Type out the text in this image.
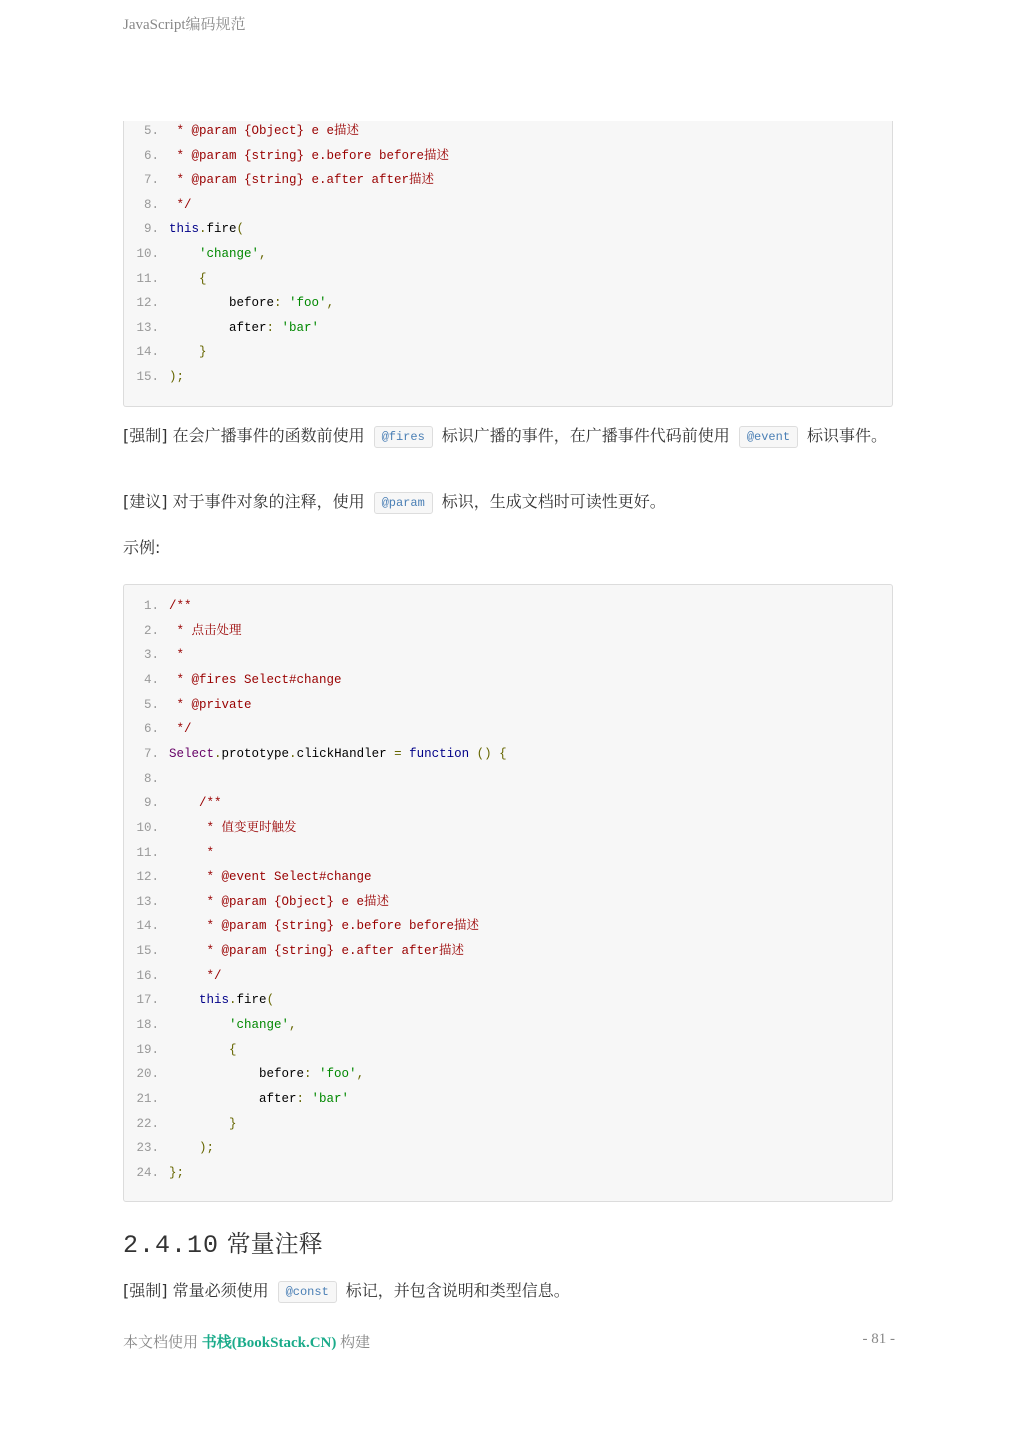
JavaScript编码规范
5. * @param {Object} e e描述
6. * @param {string} e.before before描述
7. * @param {string} e.after after描述
8. */
9. this.fire(
10.	'change',
11.	{
12.        before: 'foo',
13.        after: 'bar'
14.	}
15. );
[强制] 在会广播事件的函数前使用 @fires 标识广播的事件，在广播事件代码前使用 @event 标识事件。
[建议] 对于事件对象的注释，使用 @param 标识，生成文档时可读性更好。
示例:
1. /**
2. * 点击处理
3. *
4. * @fires Select#change
5. * @private
6. */
7. Select.prototype.clickHandler = function () {
8.
9.	/**
10.	* 值变更时触发
11.	*
12.	* @event Select#change
13.	* @param {Object} e e描述
14.	* @param {string} e.before before描述
15.	* @param {string} e.after after描述
16.	*/
17.	this.fire(
18.	'change',
19.	{
20.            before: 'foo',
21.            after: 'bar'
22.	}
23.	);
24. };
2.4.10 常量注释
[强制] 常量必须使用 @const 标记，并包含说明和类型信息。
本文档使用 书栈(BookStack.CN) 构建	- 81 -
